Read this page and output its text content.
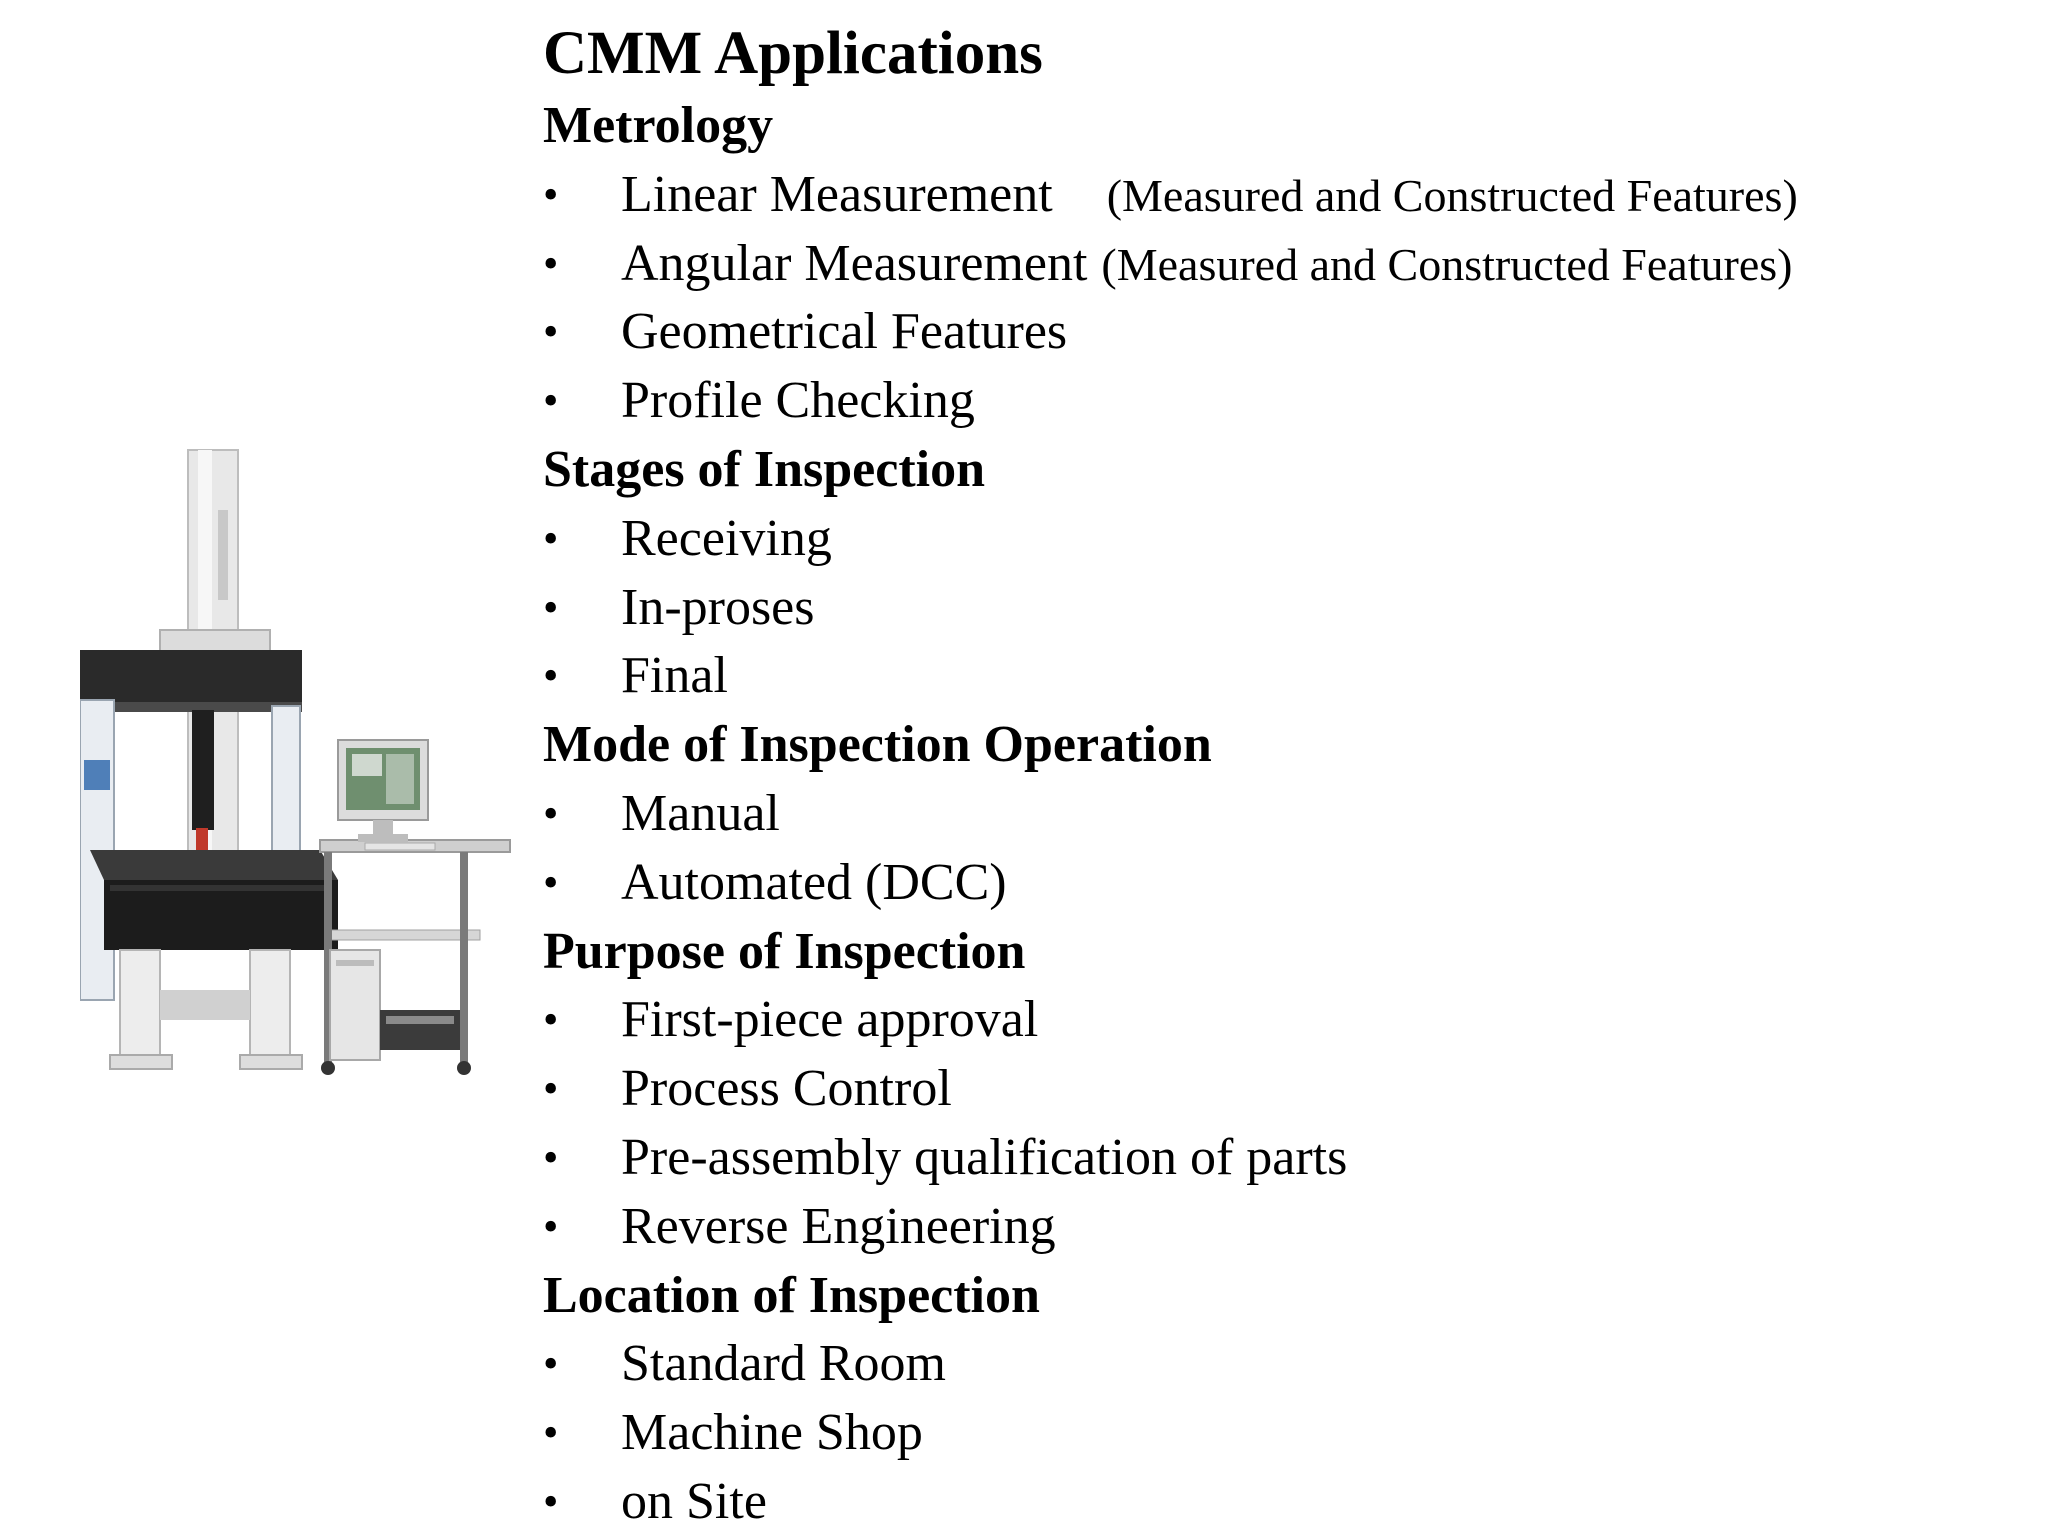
CMM Applications
Metrology
•	Linear Measurement (Measured and Constructed Features)
•	Angular Measurement (Measured and Constructed Features)
•	Geometrical Features
•	Profile Checking
Stages of Inspection
•	Receiving
•	In-proses
•	Final
Mode of Inspection Operation
•	Manual
•	Automated (DCC)
Purpose of Inspection
•	First-piece approval
•	Process Control
•	Pre-assembly qualification of parts
•	Reverse Engineering
Location of Inspection
•	Standard Room
•	Machine Shop
•	on Site
